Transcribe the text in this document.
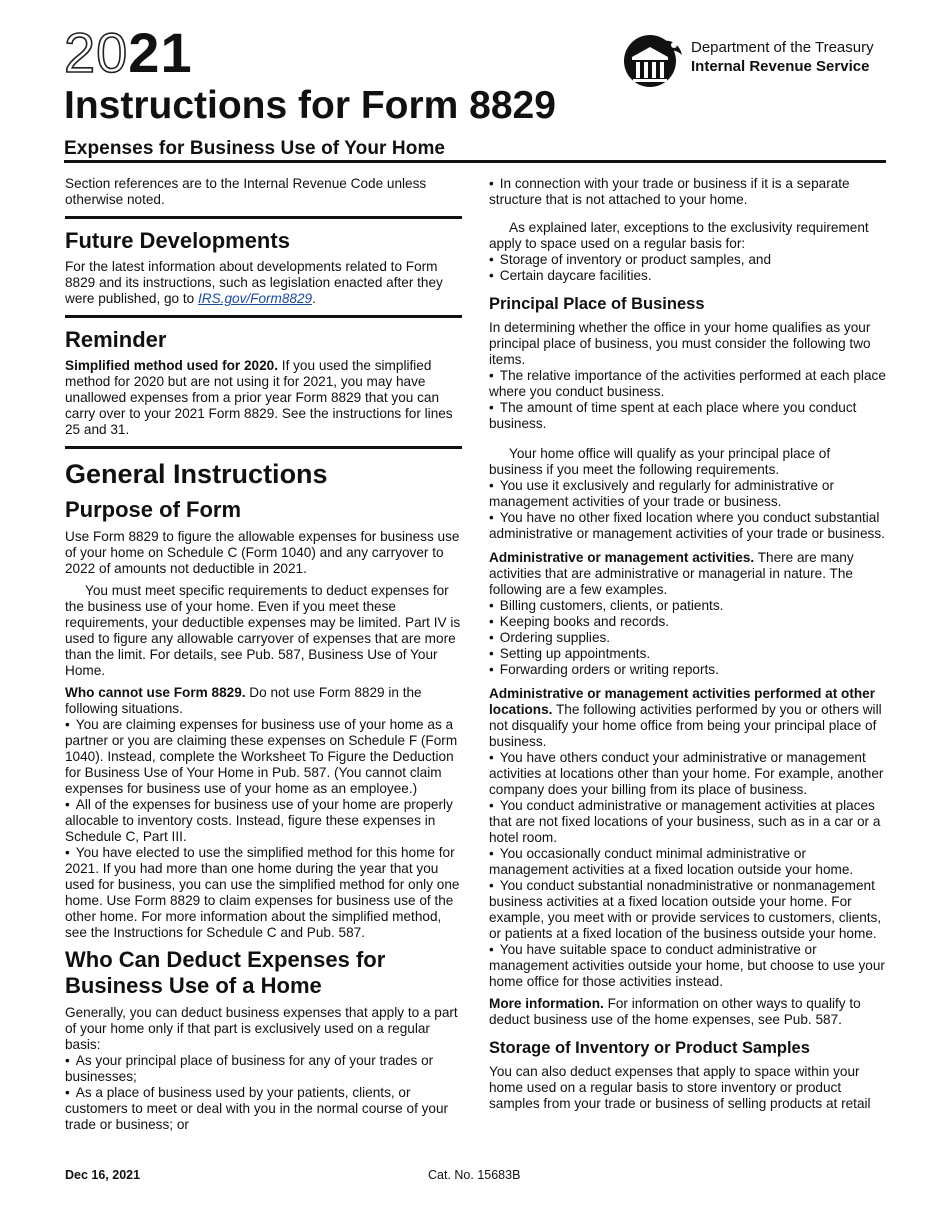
2021
Instructions for Form 8829
Expenses for Business Use of Your Home
Department of the Treasury
Internal Revenue Service

Section references are to the Internal Revenue Code unless otherwise noted.

Future Developments

For the latest information about developments related to Form 8829 and its instructions, such as legislation enacted after they were published, go to IRS.gov/Form8829.

Reminder

Simplified method used for 2020. If you used the simplified method for 2020 but are not using it for 2021, you may have unallowed expenses from a prior year Form 8829 that you can carry over to your 2021 Form 8829. See the instructions for lines 25 and 31.

General Instructions
Purpose of Form

Use Form 8829 to figure the allowable expenses for business use of your home on Schedule C (Form 1040) and any carryover to 2022 of amounts not deductible in 2021.

You must meet specific requirements to deduct expenses for the business use of your home. Even if you meet these requirements, your deductible expenses may be limited. Part IV is used to figure any allowable carryover of expenses that are more than the limit. For details, see Pub. 587, Business Use of Your Home.

Who cannot use Form 8829. Do not use Form 8829 in the following situations.

• You are claiming expenses for business use of your home as a partner or you are claiming these expenses on Schedule F (Form 1040). Instead, complete the Worksheet To Figure the Deduction for Business Use of Your Home in Pub. 587. (You cannot claim expenses for business use of your home as an employee.)

• All of the expenses for business use of your home are properly allocable to inventory costs. Instead, figure these expenses in Schedule C, Part III.

• You have elected to use the simplified method for this home for 2021. If you had more than one home during the year that you used for business, you can use the simplified method for only one home. Use Form 8829 to claim expenses for business use of the other home. For more information about the simplified method, see the Instructions for Schedule C and Pub. 587.

Who Can Deduct Expenses for Business Use of a Home

Generally, you can deduct business expenses that apply to a part of your home only if that part is exclusively used on a regular basis:

• As your principal place of business for any of your trades or businesses;

• As a place of business used by your patients, clients, or customers to meet or deal with you in the normal course of your trade or business; or

• In connection with your trade or business if it is a separate structure that is not attached to your home.

As explained later, exceptions to the exclusivity requirement apply to space used on a regular basis for:

• Storage of inventory or product samples, and

• Certain daycare facilities.

Principal Place of Business

In determining whether the office in your home qualifies as your principal place of business, you must consider the following two items.

• The relative importance of the activities performed at each place where you conduct business.

• The amount of time spent at each place where you conduct business.

Your home office will qualify as your principal place of business if you meet the following requirements.

• You use it exclusively and regularly for administrative or management activities of your trade or business.

• You have no other fixed location where you conduct substantial administrative or management activities of your trade or business.

Administrative or management activities. There are many activities that are administrative or managerial in nature. The following are a few examples.

• Billing customers, clients, or patients.

• Keeping books and records.

• Ordering supplies.

• Setting up appointments.

• Forwarding orders or writing reports.

Administrative or management activities performed at other locations. The following activities performed by you or others will not disqualify your home office from being your principal place of business.

• You have others conduct your administrative or management activities at locations other than your home. For example, another company does your billing from its place of business.

• You conduct administrative or management activities at places that are not fixed locations of your business, such as in a car or a hotel room.

• You occasionally conduct minimal administrative or management activities at a fixed location outside your home.

• You conduct substantial nonadministrative or nonmanagement business activities at a fixed location outside your home. For example, you meet with or provide services to customers, clients, or patients at a fixed location of the business outside your home.

• You have suitable space to conduct administrative or management activities outside your home, but choose to use your home office for those activities instead.

More information. For information on other ways to qualify to deduct business use of the home expenses, see Pub. 587.

Storage of Inventory or Product Samples

You can also deduct expenses that apply to space within your home used on a regular basis to store inventory or product samples from your trade or business of selling products at retail

Dec 16, 2021	Cat. No. 15683B
